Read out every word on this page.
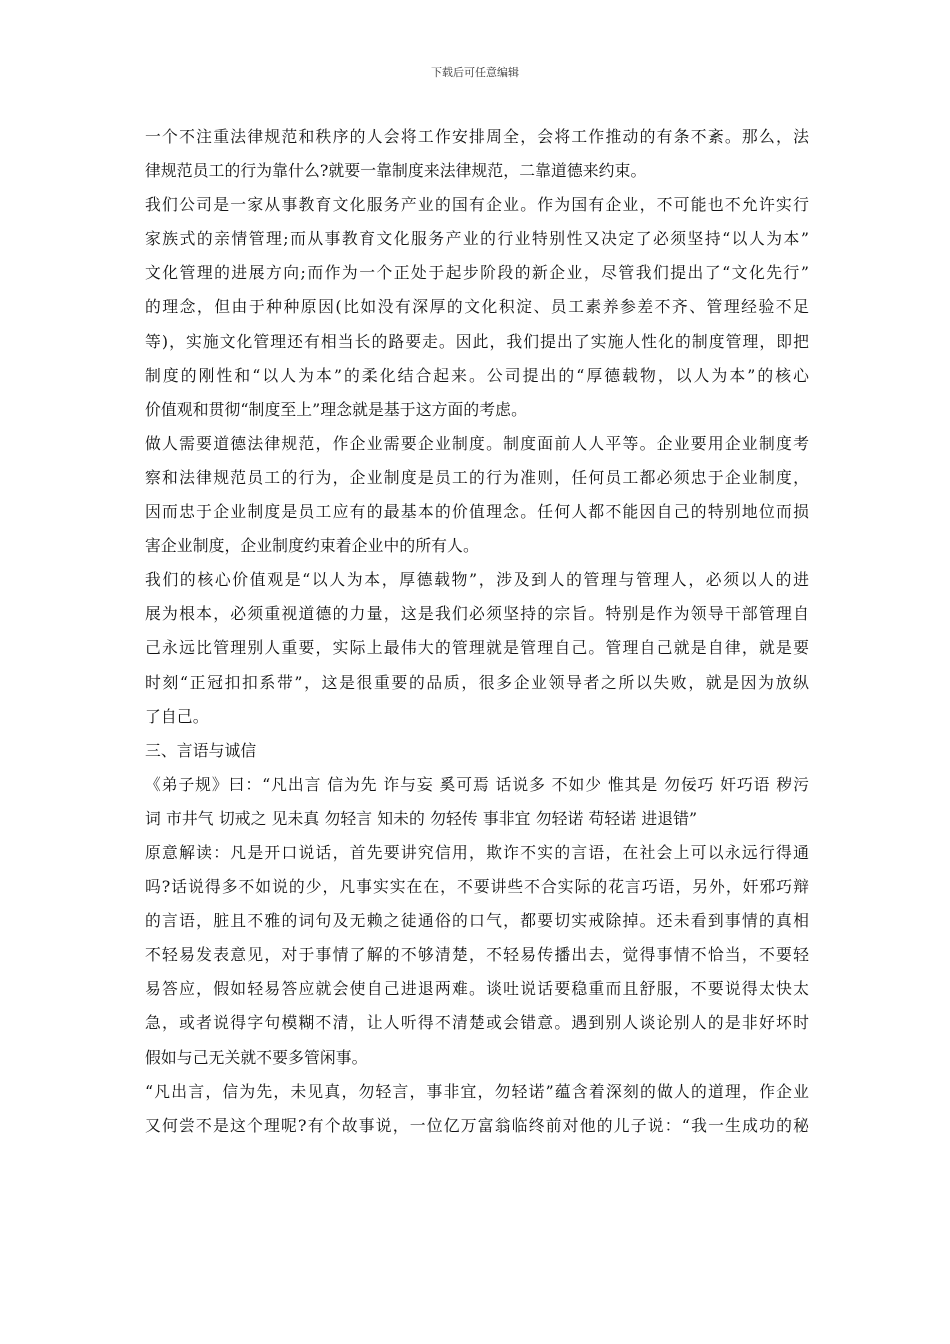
下载后可任意编辑
一个不注重法律规范和秩序的人会将工作安排周全，会将工作推动的有条不紊。那么，法
律规范员工的行为靠什么?就要一靠制度来法律规范，二靠道德来约束。
我们公司是一家从事教育文化服务产业的国有企业。作为国有企业，不可能也不允许实行
家族式的亲情管理;而从事教育文化服务产业的行业特别性又决定了必须坚持“以人为本”
文化管理的进展方向;而作为一个正处于起步阶段的新企业，尽管我们提出了“文化先行”
的理念，但由于种种原因(比如没有深厚的文化积淀、员工素养参差不齐、管理经验不足
等)，实施文化管理还有相当长的路要走。因此，我们提出了实施人性化的制度管理，即把
制度的刚性和“以人为本”的柔化结合起来。公司提出的“厚德载物，以人为本”的核心
价值观和贯彻“制度至上”理念就是基于这方面的考虑。
做人需要道德法律规范，作企业需要企业制度。制度面前人人平等。企业要用企业制度考
察和法律规范员工的行为，企业制度是员工的行为准则，任何员工都必须忠于企业制度，
因而忠于企业制度是员工应有的最基本的价值理念。任何人都不能因自己的特别地位而损
害企业制度，企业制度约束着企业中的所有人。
我们的核心价值观是“以人为本，厚德载物”，涉及到人的管理与管理人，必须以人的进
展为根本，必须重视道德的力量，这是我们必须坚持的宗旨。特别是作为领导干部管理自
己永远比管理别人重要，实际上最伟大的管理就是管理自己。管理自己就是自律，就是要
时刻“正冠扣扣系带”，这是很重要的品质，很多企业领导者之所以失败，就是因为放纵
了自己。
三、言语与诚信
《弟子规》曰：“凡出言 信为先 诈与妄 奚可焉 话说多 不如少 惟其是 勿佞巧 奸巧语 秽污
词 市井气 切戒之 见未真 勿轻言 知未的 勿轻传 事非宜 勿轻诺 苟轻诺 进退错”
原意解读：凡是开口说话，首先要讲究信用，欺诈不实的言语，在社会上可以永远行得通
吗?话说得多不如说的少，凡事实实在在，不要讲些不合实际的花言巧语，另外，奸邪巧辩
的言语，脏且不雅的词句及无赖之徒通俗的口气，都要切实戒除掉。还未看到事情的真相
不轻易发表意见，对于事情了解的不够清楚，不轻易传播出去，觉得事情不恰当，不要轻
易答应，假如轻易答应就会使自己进退两难。谈吐说话要稳重而且舒服，不要说得太快太
急，或者说得字句模糊不清，让人听得不清楚或会错意。遇到别人谈论别人的是非好坏时
假如与己无关就不要多管闲事。
“凡出言，信为先，未见真，勿轻言，事非宜，勿轻诺”蕴含着深刻的做人的道理，作企业
又何尝不是这个理呢?有个故事说，一位亿万富翁临终前对他的儿子说：“我一生成功的秘
